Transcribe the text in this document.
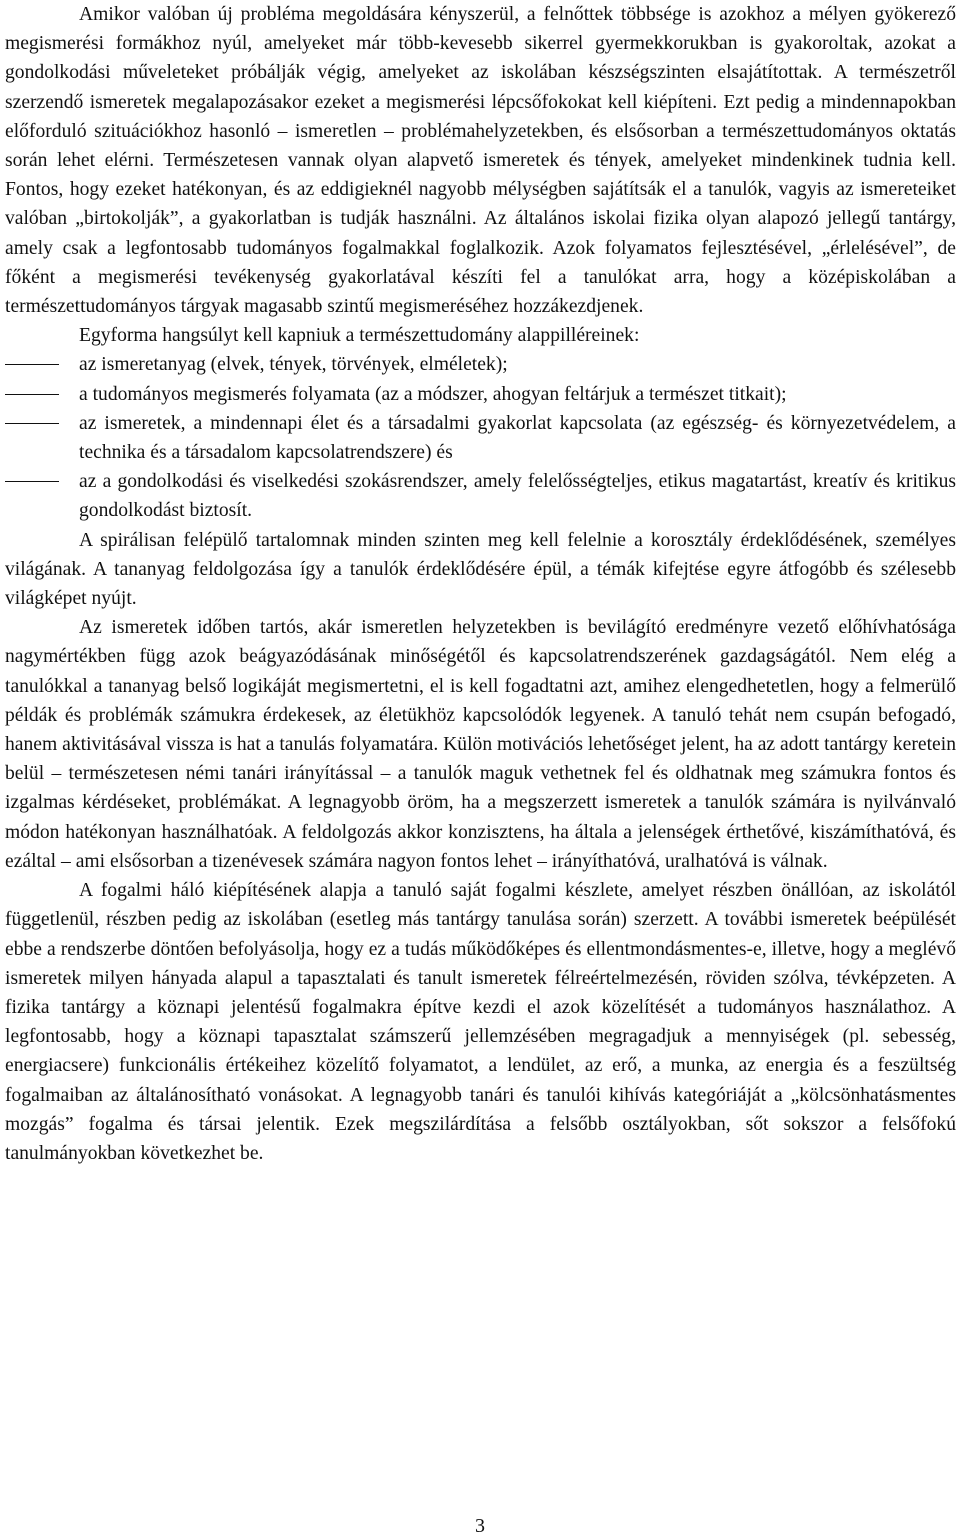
Amikor valóban új probléma megoldására kényszerül, a felnőttek többsége is azokhoz a mélyen gyökerező megismerési formákhoz nyúl, amelyeket már több-kevesebb sikerrel gyermekkorukban is gyakoroltak, azokat a gondolkodási műveleteket próbálják végig, amelyeket az iskolában készségszinten elsajátítottak. A természetről szerzendő ismeretek megalapozásakor ezeket a megismerési lépcsőfokokat kell kiépíteni. Ezt pedig a mindennapokban előforduló szituációkhoz hasonló – ismeretlen – problémahelyzetekben, és elsősorban a természettudományos oktatás során lehet elérni. Természetesen vannak olyan alapvető ismeretek és tények, amelyeket mindenkinek tudnia kell. Fontos, hogy ezeket hatékonyan, és az eddigieknél nagyobb mélységben sajátítsák el a tanulók, vagyis az ismereteiket valóban „birtokolják”, a gyakorlatban is tudják használni. Az általános iskolai fizika olyan alapozó jellegű tantárgy, amely csak a legfontosabb tudományos fogalmakkal foglalkozik. Azok folyamatos fejlesztésével, „érlelésével”, de főként a megismerési tevékenység gyakorlatával készíti fel a tanulókat arra, hogy a középiskolában a természettudományos tárgyak magasabb szintű megismeréséhez hozzákezdjenek.

Egyforma hangsúlyt kell kapniuk a természettudomány alappilléreinek:

az ismeretanyag (elvek, tények, törvények, elméletek);
a tudományos megismerés folyamata (az a módszer, ahogyan feltárjuk a természet titkait);
az ismeretek, a mindennapi élet és a társadalmi gyakorlat kapcsolata (az egészség- és környezetvédelem, a technika és a társadalom kapcsolatrendszere) és
az a gondolkodási és viselkedési szokásrendszer, amely felelősségteljes, etikus magatartást, kreatív és kritikus gondolkodást biztosít.

A spirálisan felépülő tartalomnak minden szinten meg kell felelnie a korosztály érdeklődésének, személyes világának. A tananyag feldolgozása így a tanulók érdeklődésére épül, a témák kifejtése egyre átfogóbb és szélesebb világképet nyújt.

Az ismeretek időben tartós, akár ismeretlen helyzetekben is bevilágító eredményre vezető előhívhatósága nagymértékben függ azok beágyazódásának minőségétől és kapcsolatrendszerének gazdagságától. Nem elég a tanulókkal a tananyag belső logikáját megismertetni, el is kell fogadtatni azt, amihez elengedhetetlen, hogy a felmerülő példák és problémák számukra érdekesek, az életükhöz kapcsolódók legyenek. A tanuló tehát nem csupán befogadó, hanem aktivitásával vissza is hat a tanulás folyamatára. Külön motivációs lehetőséget jelent, ha az adott tantárgy keretein belül – természetesen némi tanári irányítással – a tanulók maguk vethetnek fel és oldhatnak meg számukra fontos és izgalmas kérdéseket, problémákat. A legnagyobb öröm, ha a megszerzett ismeretek a tanulók számára is nyilvánvaló módon hatékonyan használhatóak. A feldolgozás akkor konzisztens, ha általa a jelenségek érthetővé, kiszámíthatóvá, és ezáltal – ami elsősorban a tizenévesek számára nagyon fontos lehet – irányíthatóvá, uralhatóvá is válnak.

A fogalmi háló kiépítésének alapja a tanuló saját fogalmi készlete, amelyet részben önállóan, az iskolától függetlenül, részben pedig az iskolában (esetleg más tantárgy tanulása során) szerzett. A további ismeretek beépülését ebbe a rendszerbe döntően befolyásolja, hogy ez a tudás működőképes és ellentmondásmentes-e, illetve, hogy a meglévő ismeretek milyen hányada alapul a tapasztalati és tanult ismeretek félreértelmezésén, röviden szólva, tévképzeten. A fizika tantárgy a köznapi jelentésű fogalmakra építve kezdi el azok közelítését a tudományos használathoz. A legfontosabb, hogy a köznapi tapasztalat számszerű jellemzésében megragadjuk a mennyiségek (pl. sebesség, energiacsere) funkcionális értékeihez közelítő folyamatot, a lendület, az erő, a munka, az energia és a feszültség fogalmaiban az általánosítható vonásokat. A legnagyobb tanári és tanulói kihívás kategóriáját a „kölcsönhatásmentes mozgás” fogalma és társai jelentik. Ezek megszilárdítása a felsőbb osztályokban, sőt sokszor a felsőfokú tanulmányokban következhet be.

3
